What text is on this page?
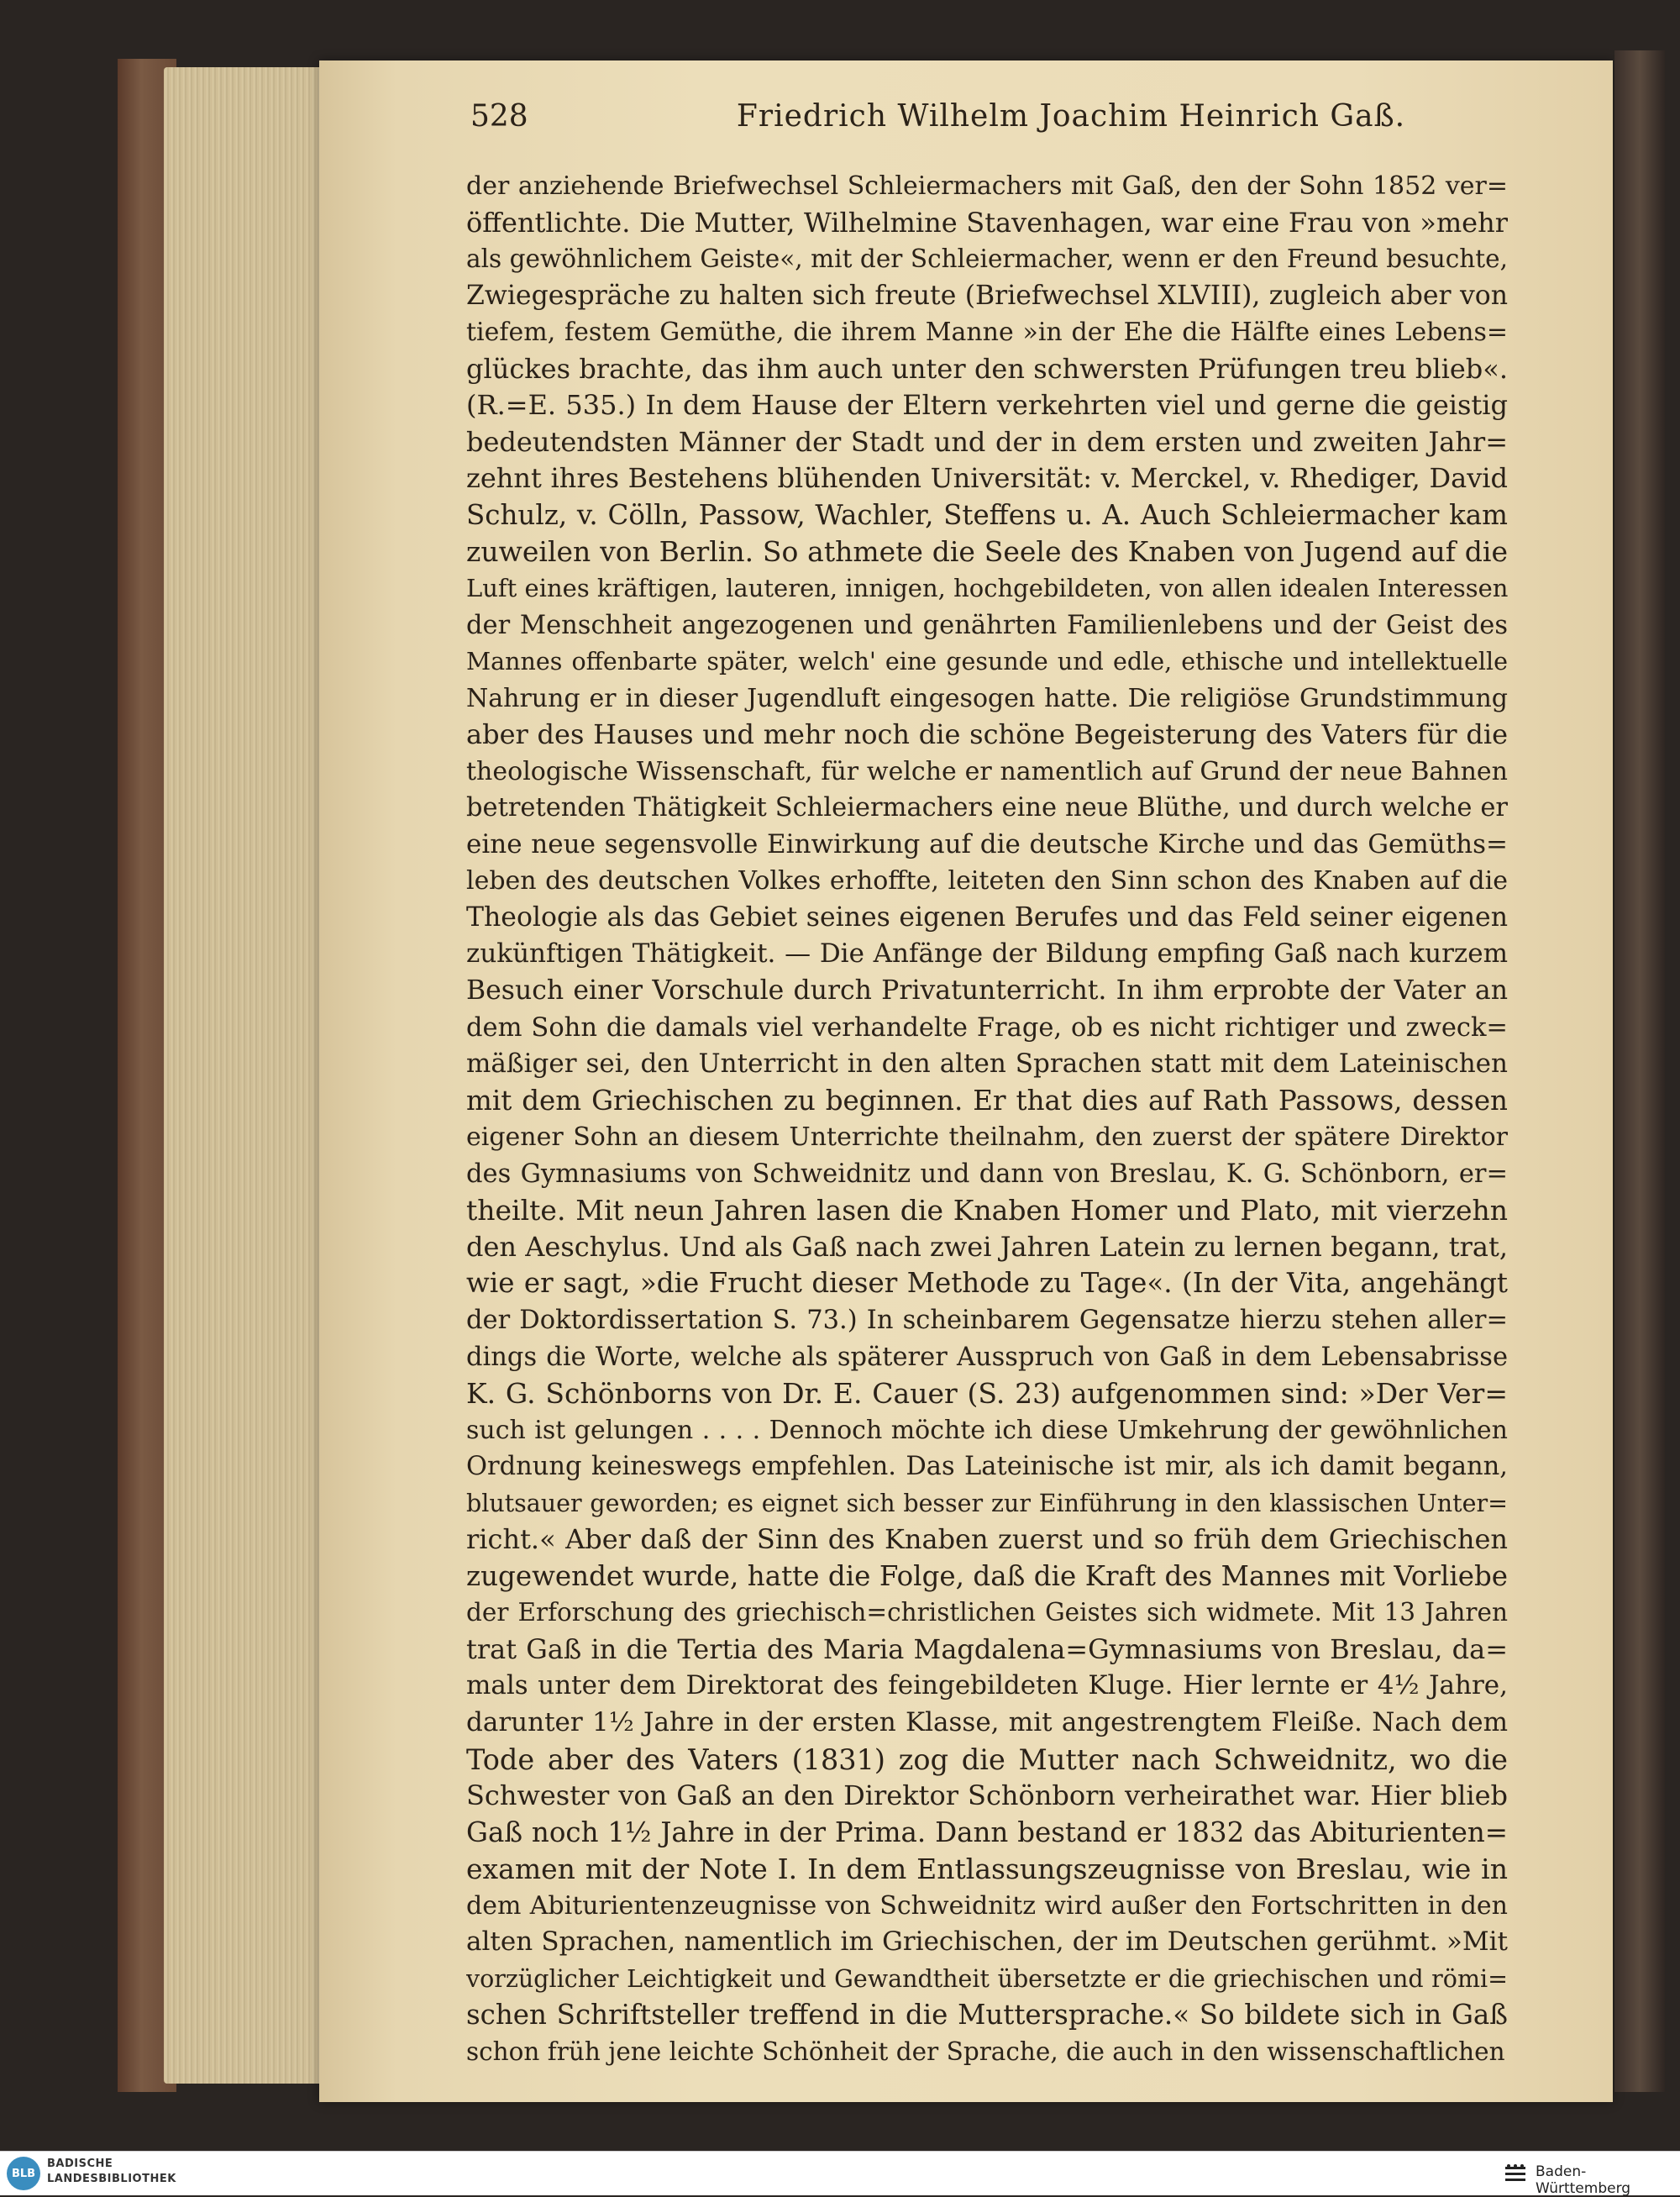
528	Friedrich Wilhelm Joachim Heinrich Gaß.
der anziehende Briefwechsel Schleiermachers mit Gaß, den der Sohn 1852 ver=
öffentlichte. Die Mutter, Wilhelmine Stavenhagen, war eine Frau von »mehr
als gewöhnlichem Geiste«, mit der Schleiermacher, wenn er den Freund besuchte,
Zwiegespräche zu halten sich freute (Briefwechsel XLVIII), zugleich aber von
tiefem, festem Gemüthe, die ihrem Manne »in der Ehe die Hälfte eines Lebens=
glückes brachte, das ihm auch unter den schwersten Prüfungen treu blieb«.
(R.=E. 535.) In dem Hause der Eltern verkehrten viel und gerne die geistig
bedeutendsten Männer der Stadt und der in dem ersten und zweiten Jahr=
zehnt ihres Bestehens blühenden Universität: v. Merckel, v. Rhediger, David
Schulz, v. Cölln, Passow, Wachler, Steffens u. A. Auch Schleiermacher kam
zuweilen von Berlin. So athmete die Seele des Knaben von Jugend auf die
Luft eines kräftigen, lauteren, innigen, hochgebildeten, von allen idealen Interessen
der Menschheit angezogenen und genährten Familienlebens und der Geist des
Mannes offenbarte später, welch' eine gesunde und edle, ethische und intellektuelle
Nahrung er in dieser Jugendluft eingesogen hatte. Die religiöse Grundstimmung
aber des Hauses und mehr noch die schöne Begeisterung des Vaters für die
theologische Wissenschaft, für welche er namentlich auf Grund der neue Bahnen
betretenden Thätigkeit Schleiermachers eine neue Blüthe, und durch welche er
eine neue segensvolle Einwirkung auf die deutsche Kirche und das Gemüths=
leben des deutschen Volkes erhoffte, leiteten den Sinn schon des Knaben auf die
Theologie als das Gebiet seines eigenen Berufes und das Feld seiner eigenen
zukünftigen Thätigkeit. — Die Anfänge der Bildung empfing Gaß nach kurzem
Besuch einer Vorschule durch Privatunterricht. In ihm erprobte der Vater an
dem Sohn die damals viel verhandelte Frage, ob es nicht richtiger und zweck=
mäßiger sei, den Unterricht in den alten Sprachen statt mit dem Lateinischen
mit dem Griechischen zu beginnen. Er that dies auf Rath Passows, dessen
eigener Sohn an diesem Unterrichte theilnahm, den zuerst der spätere Direktor
des Gymnasiums von Schweidnitz und dann von Breslau, K. G. Schönborn, er=
theilte. Mit neun Jahren lasen die Knaben Homer und Plato, mit vierzehn
den Aeschylus. Und als Gaß nach zwei Jahren Latein zu lernen begann, trat,
wie er sagt, »die Frucht dieser Methode zu Tage«. (In der Vita, angehängt
der Doktordissertation S. 73.) In scheinbarem Gegensatze hierzu stehen aller=
dings die Worte, welche als späterer Ausspruch von Gaß in dem Lebensabrisse
K. G. Schönborns von Dr. E. Cauer (S. 23) aufgenommen sind: »Der Ver=
such ist gelungen . . . . Dennoch möchte ich diese Umkehrung der gewöhnlichen
Ordnung keineswegs empfehlen. Das Lateinische ist mir, als ich damit begann,
blutsauer geworden; es eignet sich besser zur Einführung in den klassischen Unter=
richt.« Aber daß der Sinn des Knaben zuerst und so früh dem Griechischen
zugewendet wurde, hatte die Folge, daß die Kraft des Mannes mit Vorliebe
der Erforschung des griechisch=christlichen Geistes sich widmete. Mit 13 Jahren
trat Gaß in die Tertia des Maria Magdalena=Gymnasiums von Breslau, da=
mals unter dem Direktorat des feingebildeten Kluge. Hier lernte er 4½ Jahre,
darunter 1½ Jahre in der ersten Klasse, mit angestrengtem Fleiße. Nach dem
Tode aber des Vaters (1831) zog die Mutter nach Schweidnitz, wo die
Schwester von Gaß an den Direktor Schönborn verheirathet war. Hier blieb
Gaß noch 1½ Jahre in der Prima. Dann bestand er 1832 das Abiturienten=
examen mit der Note I. In dem Entlassungszeugnisse von Breslau, wie in
dem Abiturientenzeugnisse von Schweidnitz wird außer den Fortschritten in den
alten Sprachen, namentlich im Griechischen, der im Deutschen gerühmt. »Mit
vorzüglicher Leichtigkeit und Gewandtheit übersetzte er die griechischen und römi=
schen Schriftsteller treffend in die Muttersprache.« So bildete sich in Gaß
schon früh jene leichte Schönheit der Sprache, die auch in den wissenschaftlichen
BLB
BADISCHE
LANDESBIBLIOTHEK	Baden-Württemberg
